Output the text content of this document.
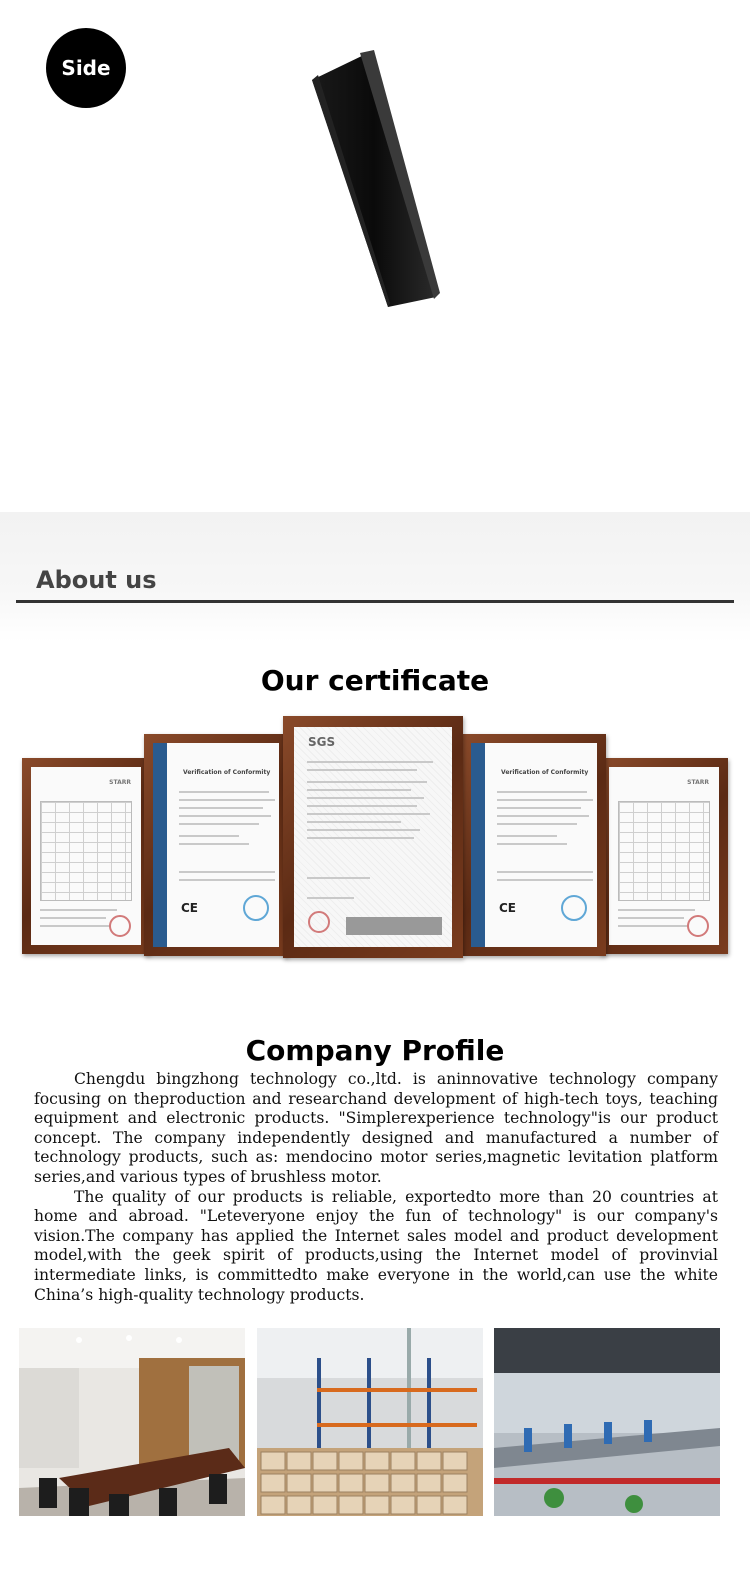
Side
About us
Our certificate
STARR	STARR
Verification of Conformity
CE
Verification of Conformity
CE
SGS
Company Profile

Chengdu bingzhong technology co.,ltd. is aninnovative technology company focusing on theproduction and researchand development of high-tech toys, teaching equipment and electronic products. "Simplerexperience technology"is our product concept. The company independently designed and manufactured a number of technology products, such as: mendocino motor series,magnetic levitation platform series,and various types of brushless motor.

The quality of our products is reliable, exportedto more than 20 countries at home and abroad. "Leteveryone enjoy the fun of technology" is our company's vision.The company has applied the Internet sales model and product development model,with the geek spirit of products,using the Internet model of provinvial intermediate links, is committedto make everyone in the world,can use the white China’s high-quality technology products.
